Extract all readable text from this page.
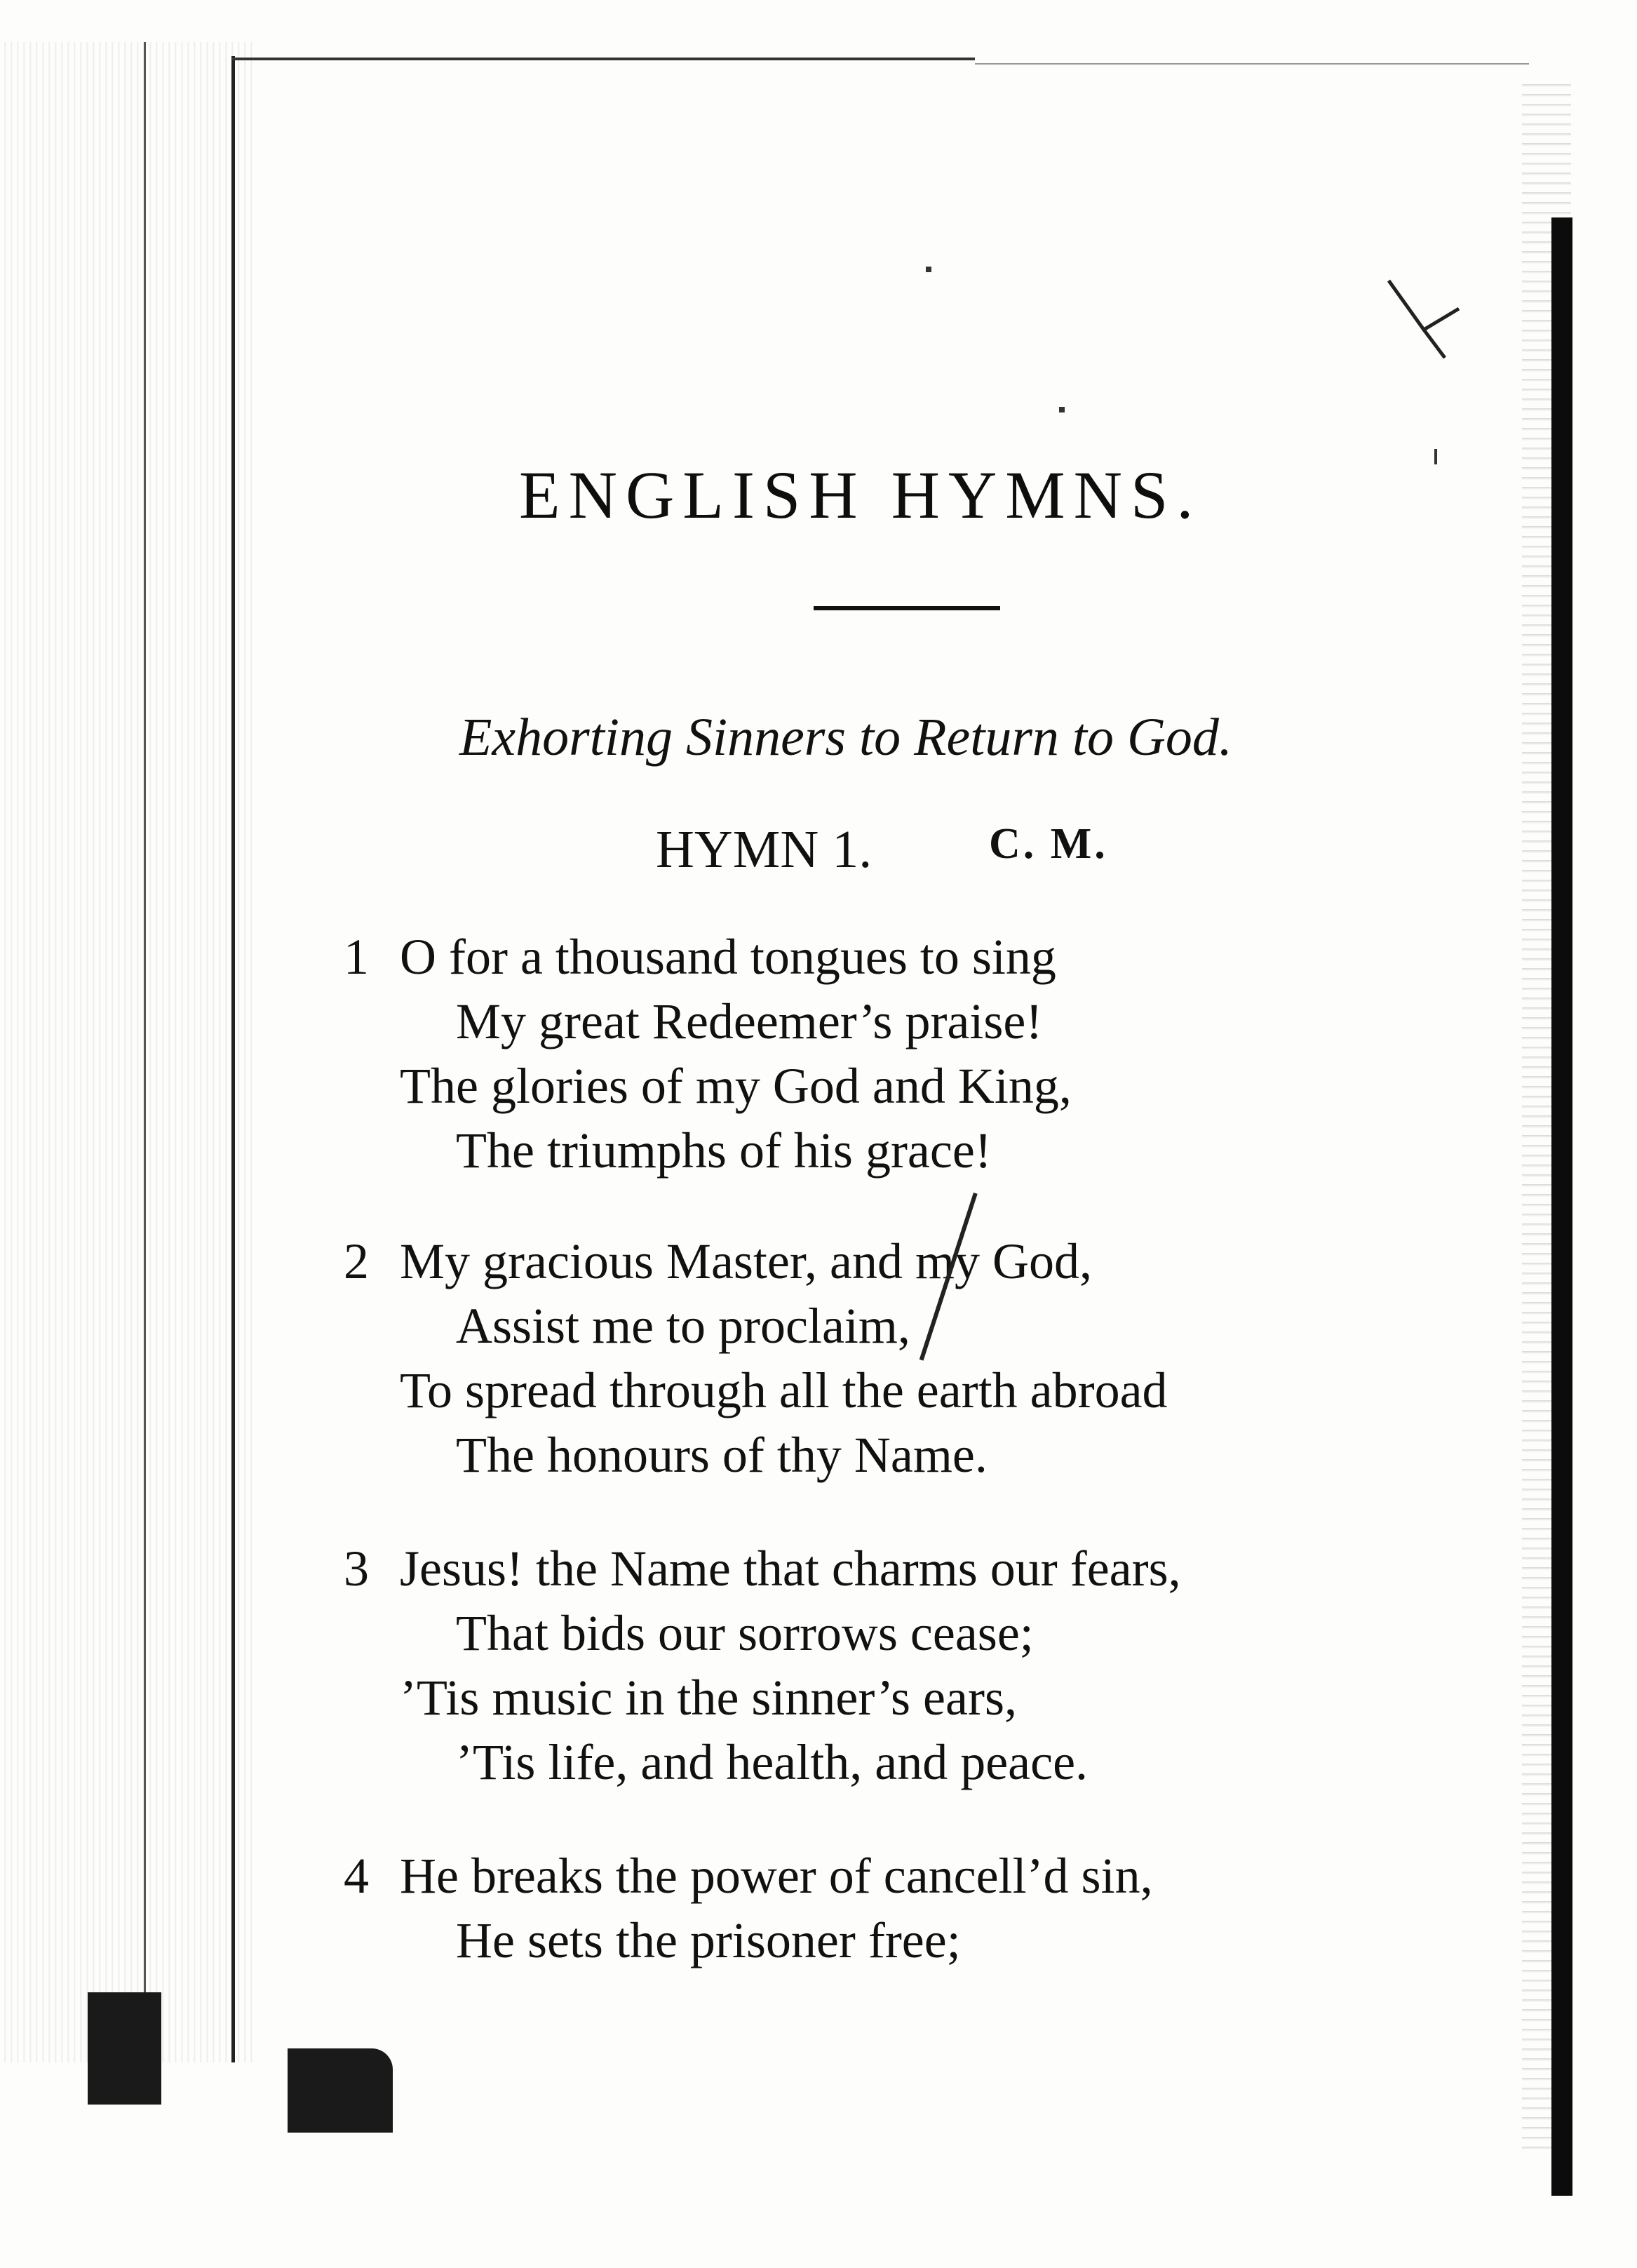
ENGLISH HYMNS.
Exhorting Sinners to Return to God.
HYMN 1.	C. M.
1 O for a thousand tongues to sing
My great Redeemer’s praise!
The glories of my God and King,
The triumphs of his grace!
2 My gracious Master, and my God,
Assist me to proclaim,
To spread through all the earth abroad
The honours of thy Name.
3 Jesus! the Name that charms our fears,
That bids our sorrows cease;
’Tis music in the sinner’s ears,
’Tis life, and health, and peace.
4 He breaks the power of cancell’d sin,
He sets the prisoner free;
